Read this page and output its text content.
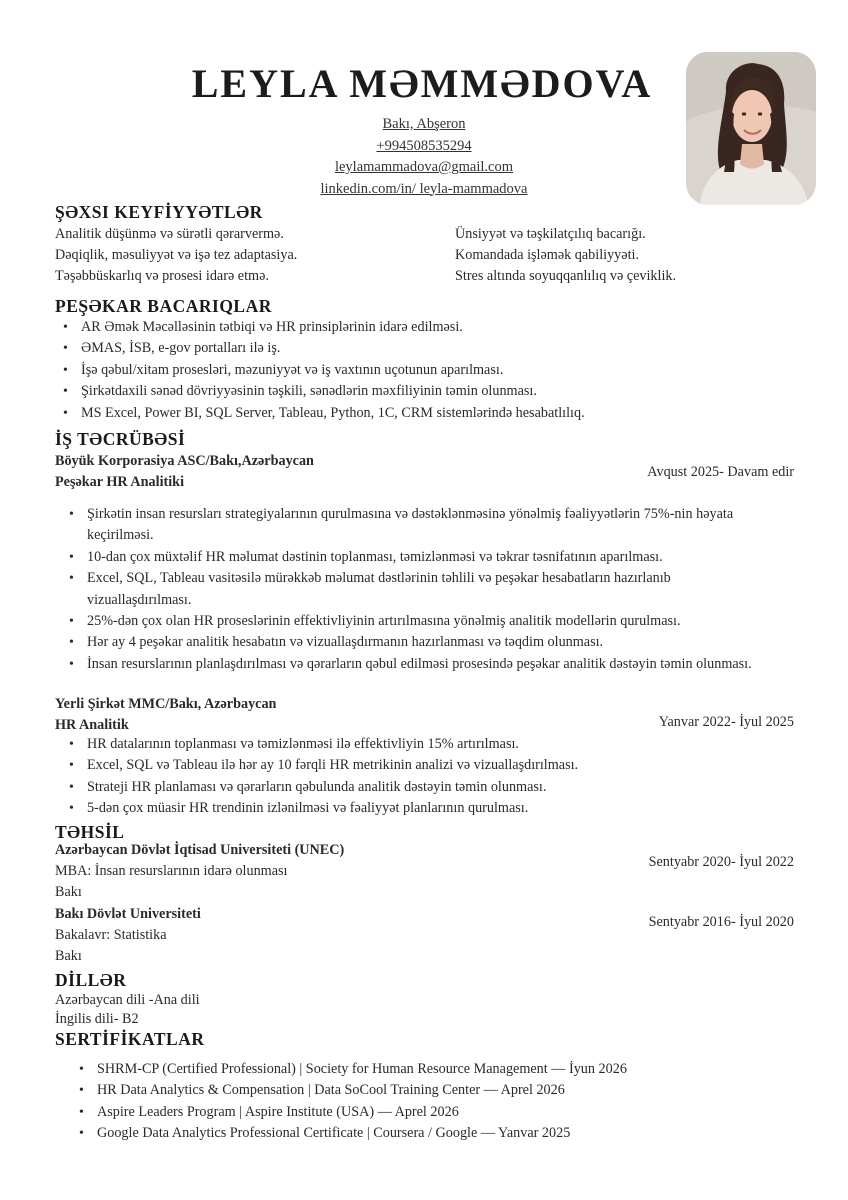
LEYLA MƏMMƏDOVA
Bakı, Abşeron
+994508535294
leylamammadova@gmail.com
linkedin.com/in/ leyla-mammadova
ŞƏXSI KEYFİYYƏTLƏR
Analitik düşünmə və sürətli qərarvermə.
Dəqiqlik, məsuliyyət və işə tez adaptasiya.
Təşəbbüskarlıq və prosesi idarə etmə.
Ünsiyyət və təşkilatçılıq bacarığı.
Komandada işləmək qabiliyyəti.
Stres altında soyuqqanlılıq və çeviklik.
PEŞƏKAR BACARIQLAR
• AR Əmək Məcəlləsinin tətbiqi və HR prinsiplərinin idarə edilməsi.
• ƏMAS, İSB, e-gov portalları ilə iş.
• İşə qəbul/xitam prosesləri, məzuniyyət və iş vaxtının uçotunun aparılması.
• Şirkətdaxili sənəd dövriyyəsinin təşkili, sənədlərin məxfiliyinin təmin olunması.
• MS Excel, Power BI, SQL Server, Tableau, Python, 1C, CRM sistemlərində hesabatlılıq.
İŞ TƏCRÜBƏSİ
Böyük Korporasiya ASC/Bakı,Azərbaycan
Peşəkar HR Analitiki
Avqust 2025- Davam edir
• Şirkətin insan resursları strategiyalarının qurulmasına və dəstəklənməsinə yönəlmiş fəaliyyətlərin 75%-nin həyata keçirilməsi.
• 10-dan çox müxtəlif HR məlumat dəstinin toplanması, təmizlənməsi və təkrar təsnifatının aparılması.
• Excel, SQL, Tableau vasitəsilə mürəkkəb məlumat dəstlərinin təhlili və peşəkar hesabatların hazırlanıb vizuallaşdırılması.
• 25%-dən çox olan HR proseslərinin effektivliyinin artırılmasına yönəlmiş analitik modellərin qurulması.
• Hər ay 4 peşəkar analitik hesabatın və vizuallaşdırmanın hazırlanması və təqdim olunması.
• İnsan resurslarının planlaşdırılması və qərarların qəbul edilməsi prosesində peşəkar analitik dəstəyin təmin olunması.
Yerli Şirkət MMC/Bakı, Azərbaycan
HR Analitik	Yanvar 2022- İyul 2025
• HR datalarının toplanması və təmizlənməsi ilə effektivliyin 15% artırılması.
• Excel, SQL və Tableau ilə hər ay 10 fərqli HR metrikinin analizi və vizuallaşdırılması.
• Strateji HR planlaması və qərarların qəbulunda analitik dəstəyin təmin olunması.
• 5-dən çox müasir HR trendinin izlənilməsi və fəaliyyət planlarının qurulması.
TƏHSİL
Azərbaycan Dövlət İqtisad Universiteti (UNEC)
MBA: İnsan resurslarının idarə olunması
Bakı
Sentyabr 2020- İyul 2022
Bakı Dövlət Universiteti
Bakalavr: Statistika
Bakı
Sentyabr 2016- İyul 2020
DİLLƏR
Azərbaycan dili -Ana dili
İngilis dili- B2
SERTİFİKATLAR
• SHRM-CP (Certified Professional) | Society for Human Resource Management — İyun 2026
• HR Data Analytics & Compensation | Data SoCool Training Center — Aprel 2026
• Aspire Leaders Program | Aspire Institute (USA) — Aprel 2026
• Google Data Analytics Professional Certificate | Coursera / Google — Yanvar 2025
